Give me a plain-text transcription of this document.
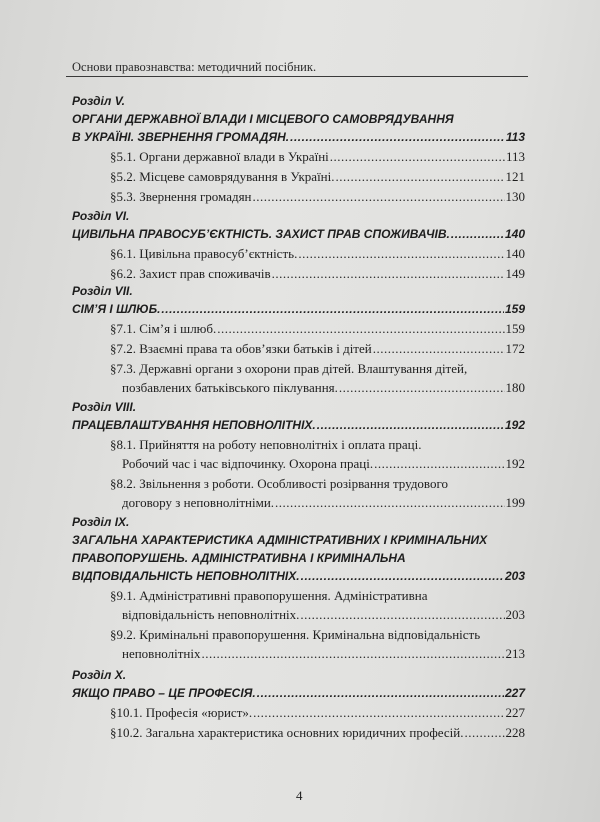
Основи правознавства: методичний посібник.
Розділ V.
ОРГАНИ ДЕРЖАВНОЇ ВЛАДИ І МІСЦЕВОГО САМОВРЯДУВАННЯ
В УКРАЇНІ. ЗВЕРНЕННЯ ГРОМАДЯН. .....	113
§5.1. Органи державної влади в Україні .....	113
§5.2. Місцеве самоврядування в Україні. .....	121
§5.3. Звернення громадян .....	130
Розділ VI.
ЦИВІЛЬНА ПРАВОСУБ’ЄКТНІСТЬ. ЗАХИСТ ПРАВ СПОЖИВАЧІВ. .....	140
§6.1. Цивільна правосуб’єктність. .....	140
§6.2. Захист прав споживачів .....	149
Розділ VII.
СІМ’Я І ШЛЮБ. .....	159
§7.1. Сім’я і шлюб. .....	159
§7.2. Взаємні права та обов’язки батьків і дітей .....	172
§7.3. Державні органи з охорони прав дітей. Влаштування дітей,
позбавлених батьківського піклування. .....	180
Розділ VIII.
ПРАЦЕВЛАШТУВАННЯ НЕПОВНОЛІТНІХ. .....	192
§8.1. Прийняття на роботу неповнолітніх і оплата праці.
Робочий час і час відпочинку. Охорона праці. .....	192
§8.2. Звільнення з роботи. Особливості розірвання трудового
договору з неповнолітніми. .....	199
Розділ IX.
ЗАГАЛЬНА ХАРАКТЕРИСТИКА АДМІНІСТРАТИВНИХ І КРИМІНАЛЬНИХ
ПРАВОПОРУШЕНЬ. АДМІНІСТРАТИВНА І КРИМІНАЛЬНА
ВІДПОВІДАЛЬНІСТЬ НЕПОВНОЛІТНІХ. .....	203
§9.1. Адміністративні правопорушення. Адміністративна
відповідальність неповнолітніх. .....	203
§9.2. Кримінальні правопорушення. Кримінальна відповідальність
неповнолітніх .....	213
Розділ X.
ЯКЩО ПРАВО – ЦЕ ПРОФЕСІЯ. .....	227
§10.1. Професія «юрист». .....	227
§10.2. Загальна характеристика основних юридичних професій. .....	228
4
